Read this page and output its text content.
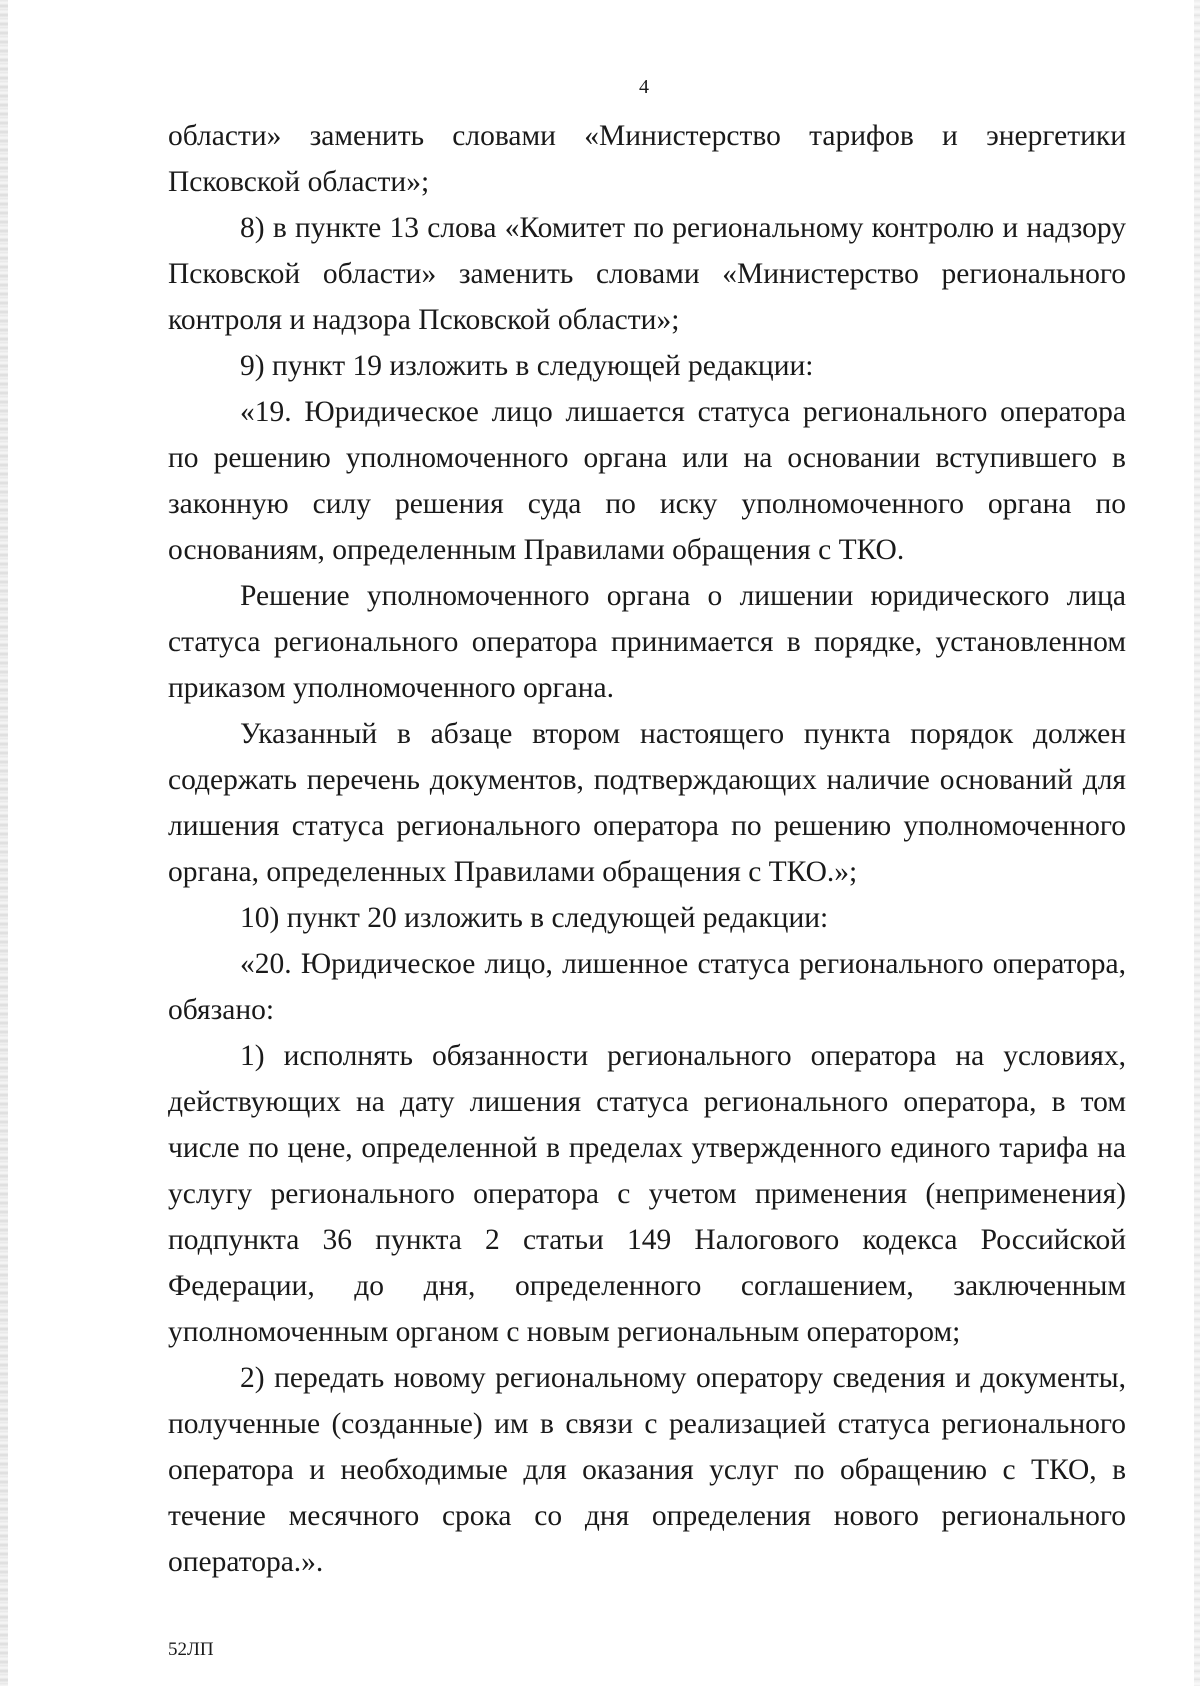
4

области» заменить словами «Министерство тарифов и энергетики Псковской области»;

8) в пункте 13 слова «Комитет по региональному контролю и надзору Псковской области» заменить словами «Министерство регионального контроля и надзора Псковской области»;

9) пункт 19 изложить в следующей редакции:

«19. Юридическое лицо лишается статуса регионального оператора по решению уполномоченного органа или на основании вступившего в законную силу решения суда по иску уполномоченного органа по основаниям, определенным Правилами обращения с ТКО.

Решение уполномоченного органа о лишении юридического лица статуса регионального оператора принимается в порядке, установленном приказом уполномоченного органа.

Указанный в абзаце втором настоящего пункта порядок должен содержать перечень документов, подтверждающих наличие оснований для лишения статуса регионального оператора по решению уполномоченного органа, определенных Правилами обращения с ТКО.»;

10) пункт 20 изложить в следующей редакции:

«20. Юридическое лицо, лишенное статуса регионального оператора, обязано:

1) исполнять обязанности регионального оператора на условиях, действующих на дату лишения статуса регионального оператора, в том числе по цене, определенной в пределах утвержденного единого тарифа на услугу регионального оператора с учетом применения (неприменения) подпункта 36 пункта 2 статьи 149 Налогового кодекса Российской Федерации, до дня, определенного соглашением, заключенным уполномоченным органом с новым региональным оператором;

2) передать новому региональному оператору сведения и документы, полученные (созданные) им в связи с реализацией статуса регионального оператора и необходимые для оказания услуг по обращению с ТКО, в течение месячного срока со дня определения нового регионального оператора.».

52ЛП
